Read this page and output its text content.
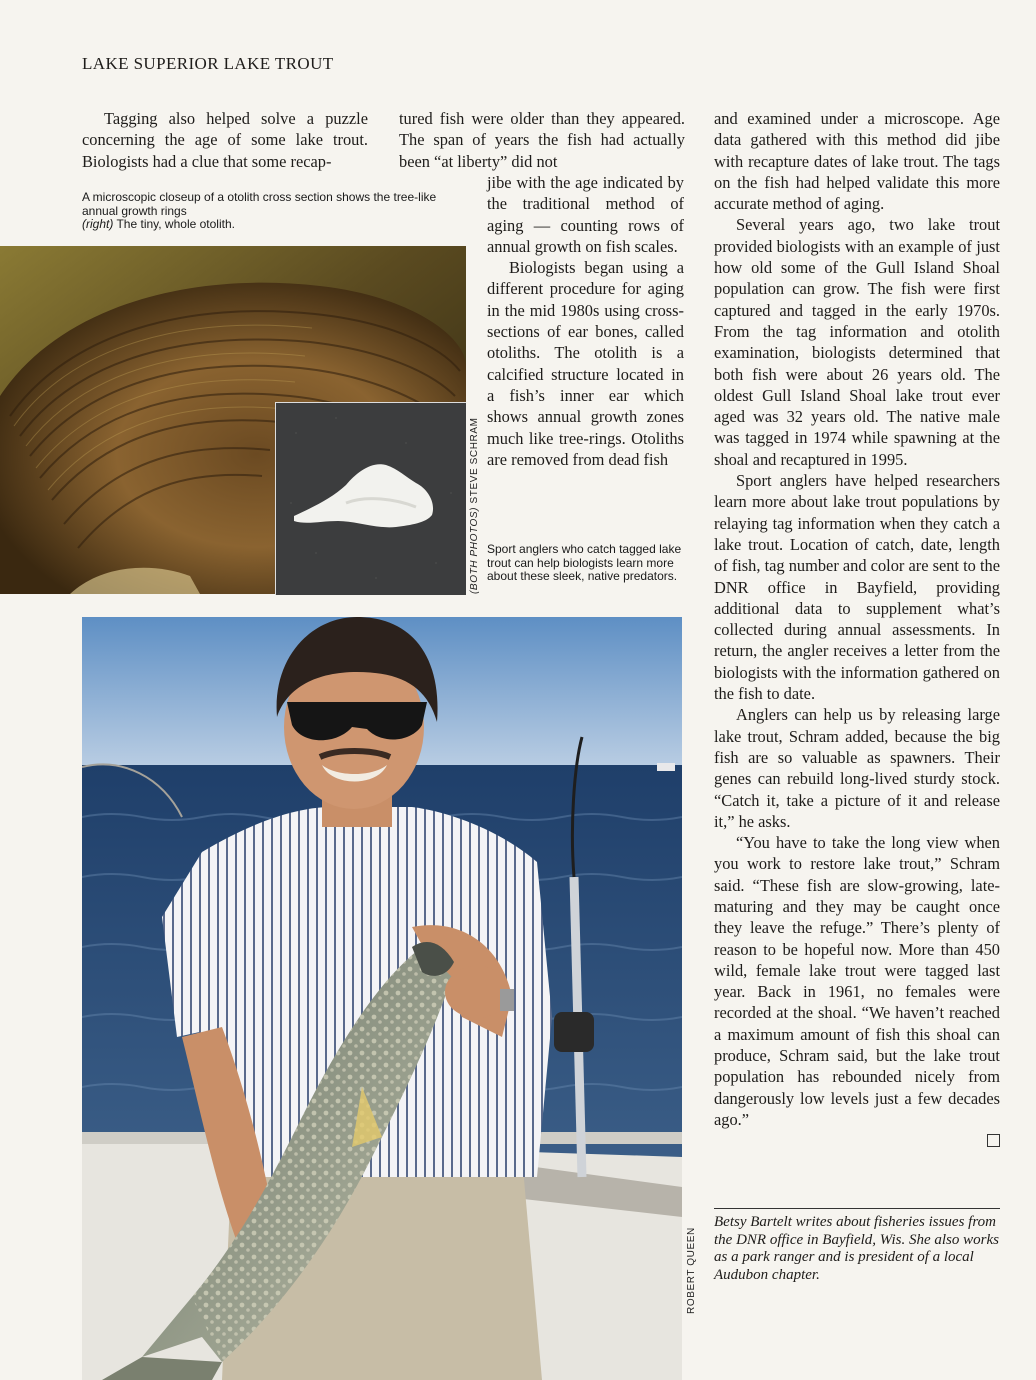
LAKE SUPERIOR LAKE TROUT

Tagging also helped solve a puzzle concerning the age of some lake trout. Biologists had a clue that some recap-

tured fish were older than they appeared. The span of years the fish had actually been “at liberty” did not

jibe with the age indicated by the traditional method of aging — counting rows of annual growth on fish scales.

Biologists began using a different procedure for aging in the mid 1980s using cross-sections of ear bones, called otoliths. The otolith is a calcified structure located in a fish’s inner ear which shows annual growth zones much like tree-rings. Otoliths are removed from dead fish

and examined under a microscope. Age data gathered with this method did jibe with recapture dates of lake trout. The tags on the fish had helped validate this more accurate method of aging.

Several years ago, two lake trout provided biologists with an example of just how old some of the Gull Island Shoal population can grow. The fish were first captured and tagged in the early 1970s. From the tag information and otolith examination, biologists determined that both fish were about 26 years old. The oldest Gull Island Shoal lake trout ever aged was 32 years old. The native male was tagged in 1974 while spawning at the shoal and recaptured in 1995.

Sport anglers have helped researchers learn more about lake trout populations by relaying tag information when they catch a lake trout. Location of catch, date, length of fish, tag number and color are sent to the DNR office in Bayfield, providing additional data to supplement what’s collected during annual assessments. In return, the angler receives a letter from the biologists with the information gathered on the fish to date.

Anglers can help us by releasing large lake trout, Schram added, because the big fish are so valuable as spawners. Their genes can rebuild long-lived sturdy stock. “Catch it, take a picture of it and release it,” he asks.

“You have to take the long view when you work to restore lake trout,” Schram said. “These fish are slow-growing, late-maturing and they may be caught once they leave the refuge.” There’s plenty of reason to be hopeful now. More than 450 wild, female lake trout were tagged last year. Back in 1961, no females were recorded at the shoal. “We haven’t reached a maximum amount of fish this shoal can produce, Schram said, but the lake trout population has rebounded nicely from dangerously low levels just a few decades ago.”

A microscopic closeup of a otolith cross section shows the tree-like annual growth rings
(right) The tiny, whole otolith.
(BOTH PHOTOS) STEVE SCHRAM
Sport anglers who catch tagged lake trout can help biologists learn more about these sleek, native predators.
ROBERT QUEEN
Betsy Bartelt writes about fisheries issues from the DNR office in Bayfield, Wis. She also works as a park ranger and is president of a local Audubon chapter.
